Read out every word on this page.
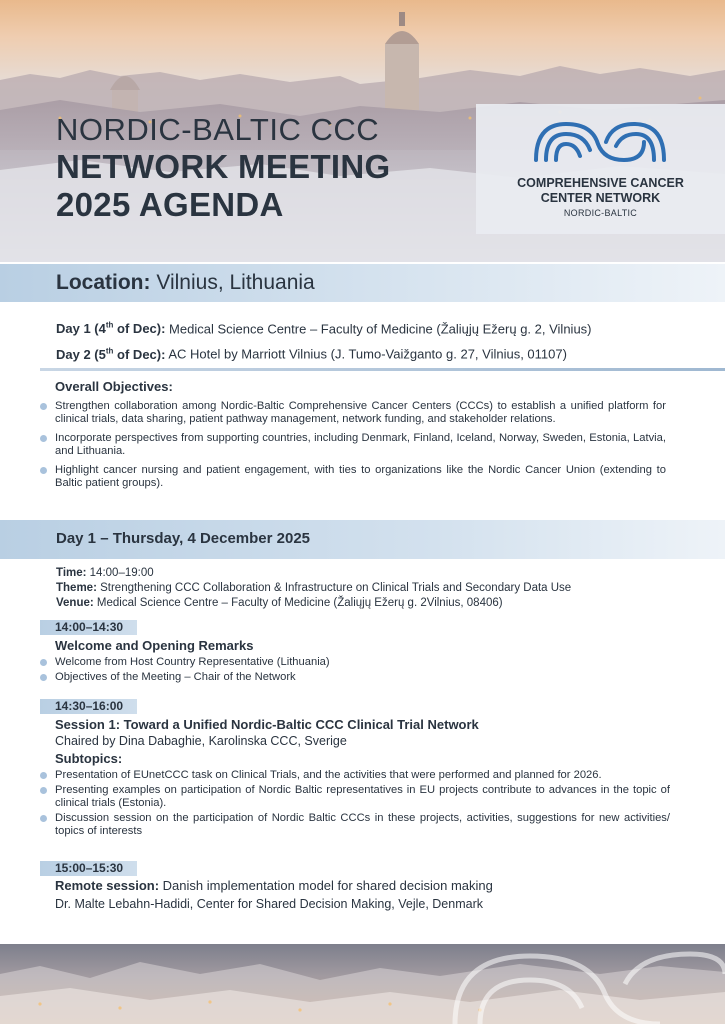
NORDIC-BALTIC CCC
NETWORK MEETING
2025 AGENDA
COMPREHENSIVE CANCER
CENTER NETWORK
NORDIC-BALTIC
Location: Vilnius, Lithuania
Day 1 (4th of Dec): Medical Science Centre – Faculty of Medicine (Žaliųjų Ežerų g. 2, Vilnius)
Day 2 (5th of Dec): AC Hotel by Marriott Vilnius (J. Tumo-Vaižganto g. 27, Vilnius, 01107)
Overall Objectives:
Strengthen collaboration among Nordic-Baltic Comprehensive Cancer Centers (CCCs) to establish a unified platform for clinical trials, data sharing, patient pathway management, network funding, and stakeholder relations.
Incorporate perspectives from supporting countries, including Denmark, Finland, Iceland, Norway, Sweden, Estonia, Latvia, and Lithuania.
Highlight cancer nursing and patient engagement, with ties to organizations like the Nordic Cancer Union (extending to Baltic patient groups).
Day 1 – Thursday, 4 December 2025
Time: 14:00–19:00
Theme: Strengthening CCC Collaboration & Infrastructure on Clinical Trials and Secondary Data Use
Venue: Medical Science Centre – Faculty of Medicine (Žaliųjų Ežerų g. 2Vilnius, 08406)
14:00–14:30
Welcome and Opening Remarks
Welcome from Host Country Representative (Lithuania)
Objectives of the Meeting – Chair of the Network
14:30–16:00
Session 1: Toward a Unified Nordic-Baltic CCC Clinical Trial Network
Chaired by Dina Dabaghie, Karolinska CCC, Sverige
Subtopics:
Presentation of EUnetCCC task on Clinical Trials, and the activities that were performed and planned for 2026.
Presenting examples on participation of Nordic Baltic representatives in EU projects contribute to advances in the topic of clinical trials (Estonia).
Discussion session on the participation of Nordic Baltic CCCs in these projects, activities, suggestions for new activities/ topics of interests
15:00–15:30
Remote session: Danish implementation model for shared decision making
Dr. Malte Lebahn-Hadidi, Center for Shared Decision Making, Vejle, Denmark
